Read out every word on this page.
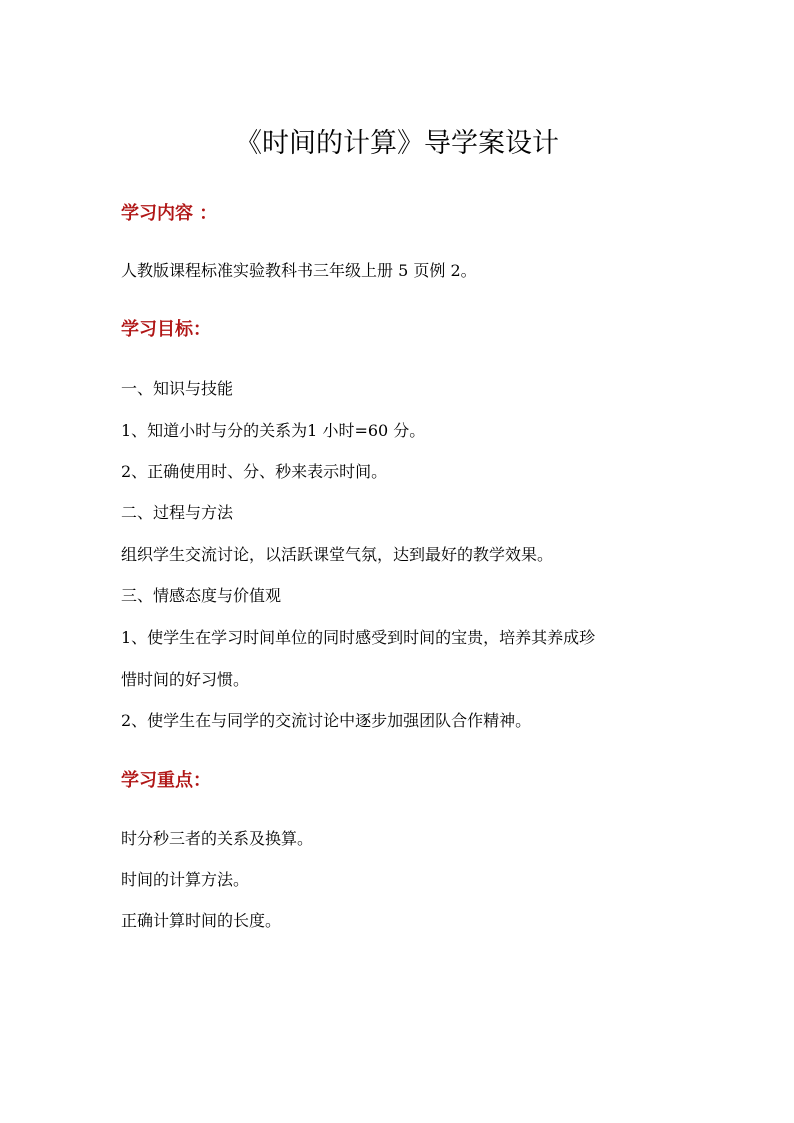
《时间的计算》导学案设计
学习内容 ：

人教版课程标准实验教科书三年级上册 5 页例 2。

学习目标：

一、知识与技能

1、知道小时与分的关系为1 小时=60 分。

2、正确使用时、分、秒来表示时间。

二、过程与方法

组织学生交流讨论，以活跃课堂气氛，达到最好的教学效果。

三、情感态度与价值观

1、使学生在学习时间单位的同时感受到时间的宝贵，培养其养成珍

惜时间的好习惯。

2、使学生在与同学的交流讨论中逐步加强团队合作精神。

学习重点：

时分秒三者的关系及换算。

时间的计算方法。

正确计算时间的长度。
